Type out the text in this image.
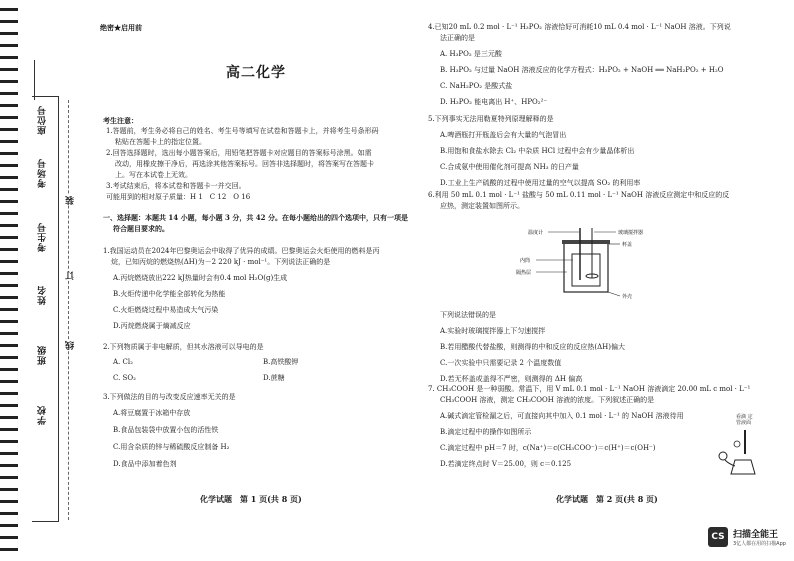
学校
班级
姓名
考生号
考场号
座位号
装
订
线
绝密★启用前
高二化学

考生注意：

1.答题前，考生务必将自己的姓名、考生号等填写在试卷和答题卡上，并将考生号条形码

粘贴在答题卡上的指定位置。

2.回答选择题时，选出每小题答案后，用铅笔把答题卡对应题目的答案标号涂黑。如需

改动，用橡皮擦干净后，再选涂其他答案标号。回答非选择题时，将答案写在答题卡

上。写在本试卷上无效。

3.考试结束后，将本试卷和答题卡一并交回。

可能用到的相对原子质量：H 1　C 12　O 16

一、选择题：本题共 14 小题，每小题 3 分，共 42 分。在每小题给出的四个选项中，只有一项是

符合题目要求的。

1.我国运动员在2024年巴黎奥运会中取得了优异的成绩。巴黎奥运会火炬使用的燃料是丙

烷，已知丙烷的燃烧热(ΔH)为－2 220 kJ · mol⁻¹。下列说法正确的是

A.丙烷燃烧放出222 kJ热量时会有0.4 mol H₂O(g)生成

B.火炬传递中化学能全部转化为热能

C.火炬燃烧过程中易造成大气污染

D.丙烷燃烧属于熵减反应

2.下列物质属于非电解质，但其水溶液可以导电的是

A. Cl₂	B.高铁酸钾
C. SO₂	D.蔗糖

3.下列做法的目的与改变反应速率无关的是

A.将豆腐置于冰箱中存放

B.食品包装袋中放置小包的活性铁

C.用含杂质的锌与稀硫酸反应制备 H₂

D.食品中添加着色剂

化学试题　第 1 页(共 8 页)

4.已知20 mL 0.2 mol · L⁻¹ H₃PO₂ 溶液恰好可消耗10 mL 0.4 mol · L⁻¹ NaOH 溶液。下列说

法正确的是

A. H₃PO₂ 是三元酸

B. H₃PO₂ 与过量 NaOH 溶液反应的化学方程式：H₃PO₂ + NaOH ══ NaH₂PO₂ + H₂O

C. NaH₂PO₂ 是酸式盐

D. H₃PO₂ 能电离出 H⁺、HPO₂²⁻

5.下列事实无法用勒夏特列原理解释的是

A.啤酒瓶打开瓶盖后会有大量的气泡冒出

B.用饱和食盐水除去 Cl₂ 中杂质 HCl 过程中会有少量晶体析出

C.合成氨中使用催化剂可提高 NH₃ 的日产量

D.工业上生产硫酸的过程中使用过量的空气以提高 SO₂ 的利用率

6.利用 50 mL 0.1 mol · L⁻¹ 盐酸与 50 mL 0.11 mol · L⁻¹ NaOH 溶液反应测定中和反应的反

应热，测定装置如图所示。

温度计	玻璃搅拌器
杯盖
内筒
隔热层
外壳

下列说法错误的是

A.实验时玻璃搅拌器上下匀速搅拌

B.若用醋酸代替盐酸，则测得的中和反应的反应热(ΔH)偏大

C.一次实验中只需要记录 2 个温度数值

D.若无杯盖或盖得不严密，则测得的 ΔH 偏高

7. CH₃COOH 是一种弱酸。常温下，用 V mL 0.1 mol · L⁻¹ NaOH 溶液滴定 20.00 mL c mol · L⁻¹

CH₃COOH 溶液，测定 CH₃COOH 溶液的浓度。下列叙述正确的是

A.碱式滴定管检漏之后，可直接向其中加入 0.1 mol · L⁻¹ 的 NaOH 溶液待用

B.滴定过程中的操作如图所示

C.滴定过程中 pH＝7 时，c(Na⁺)＝c(CH₃COO⁻)＝c(H⁺)＝c(OH⁻)

D.若滴定终点时 V＝25.00，则 c＝0.125

看滴 定管液面
化学试题　第 2 页(共 8 页)
CS 扫描全能王
3亿人都在用的扫描App
